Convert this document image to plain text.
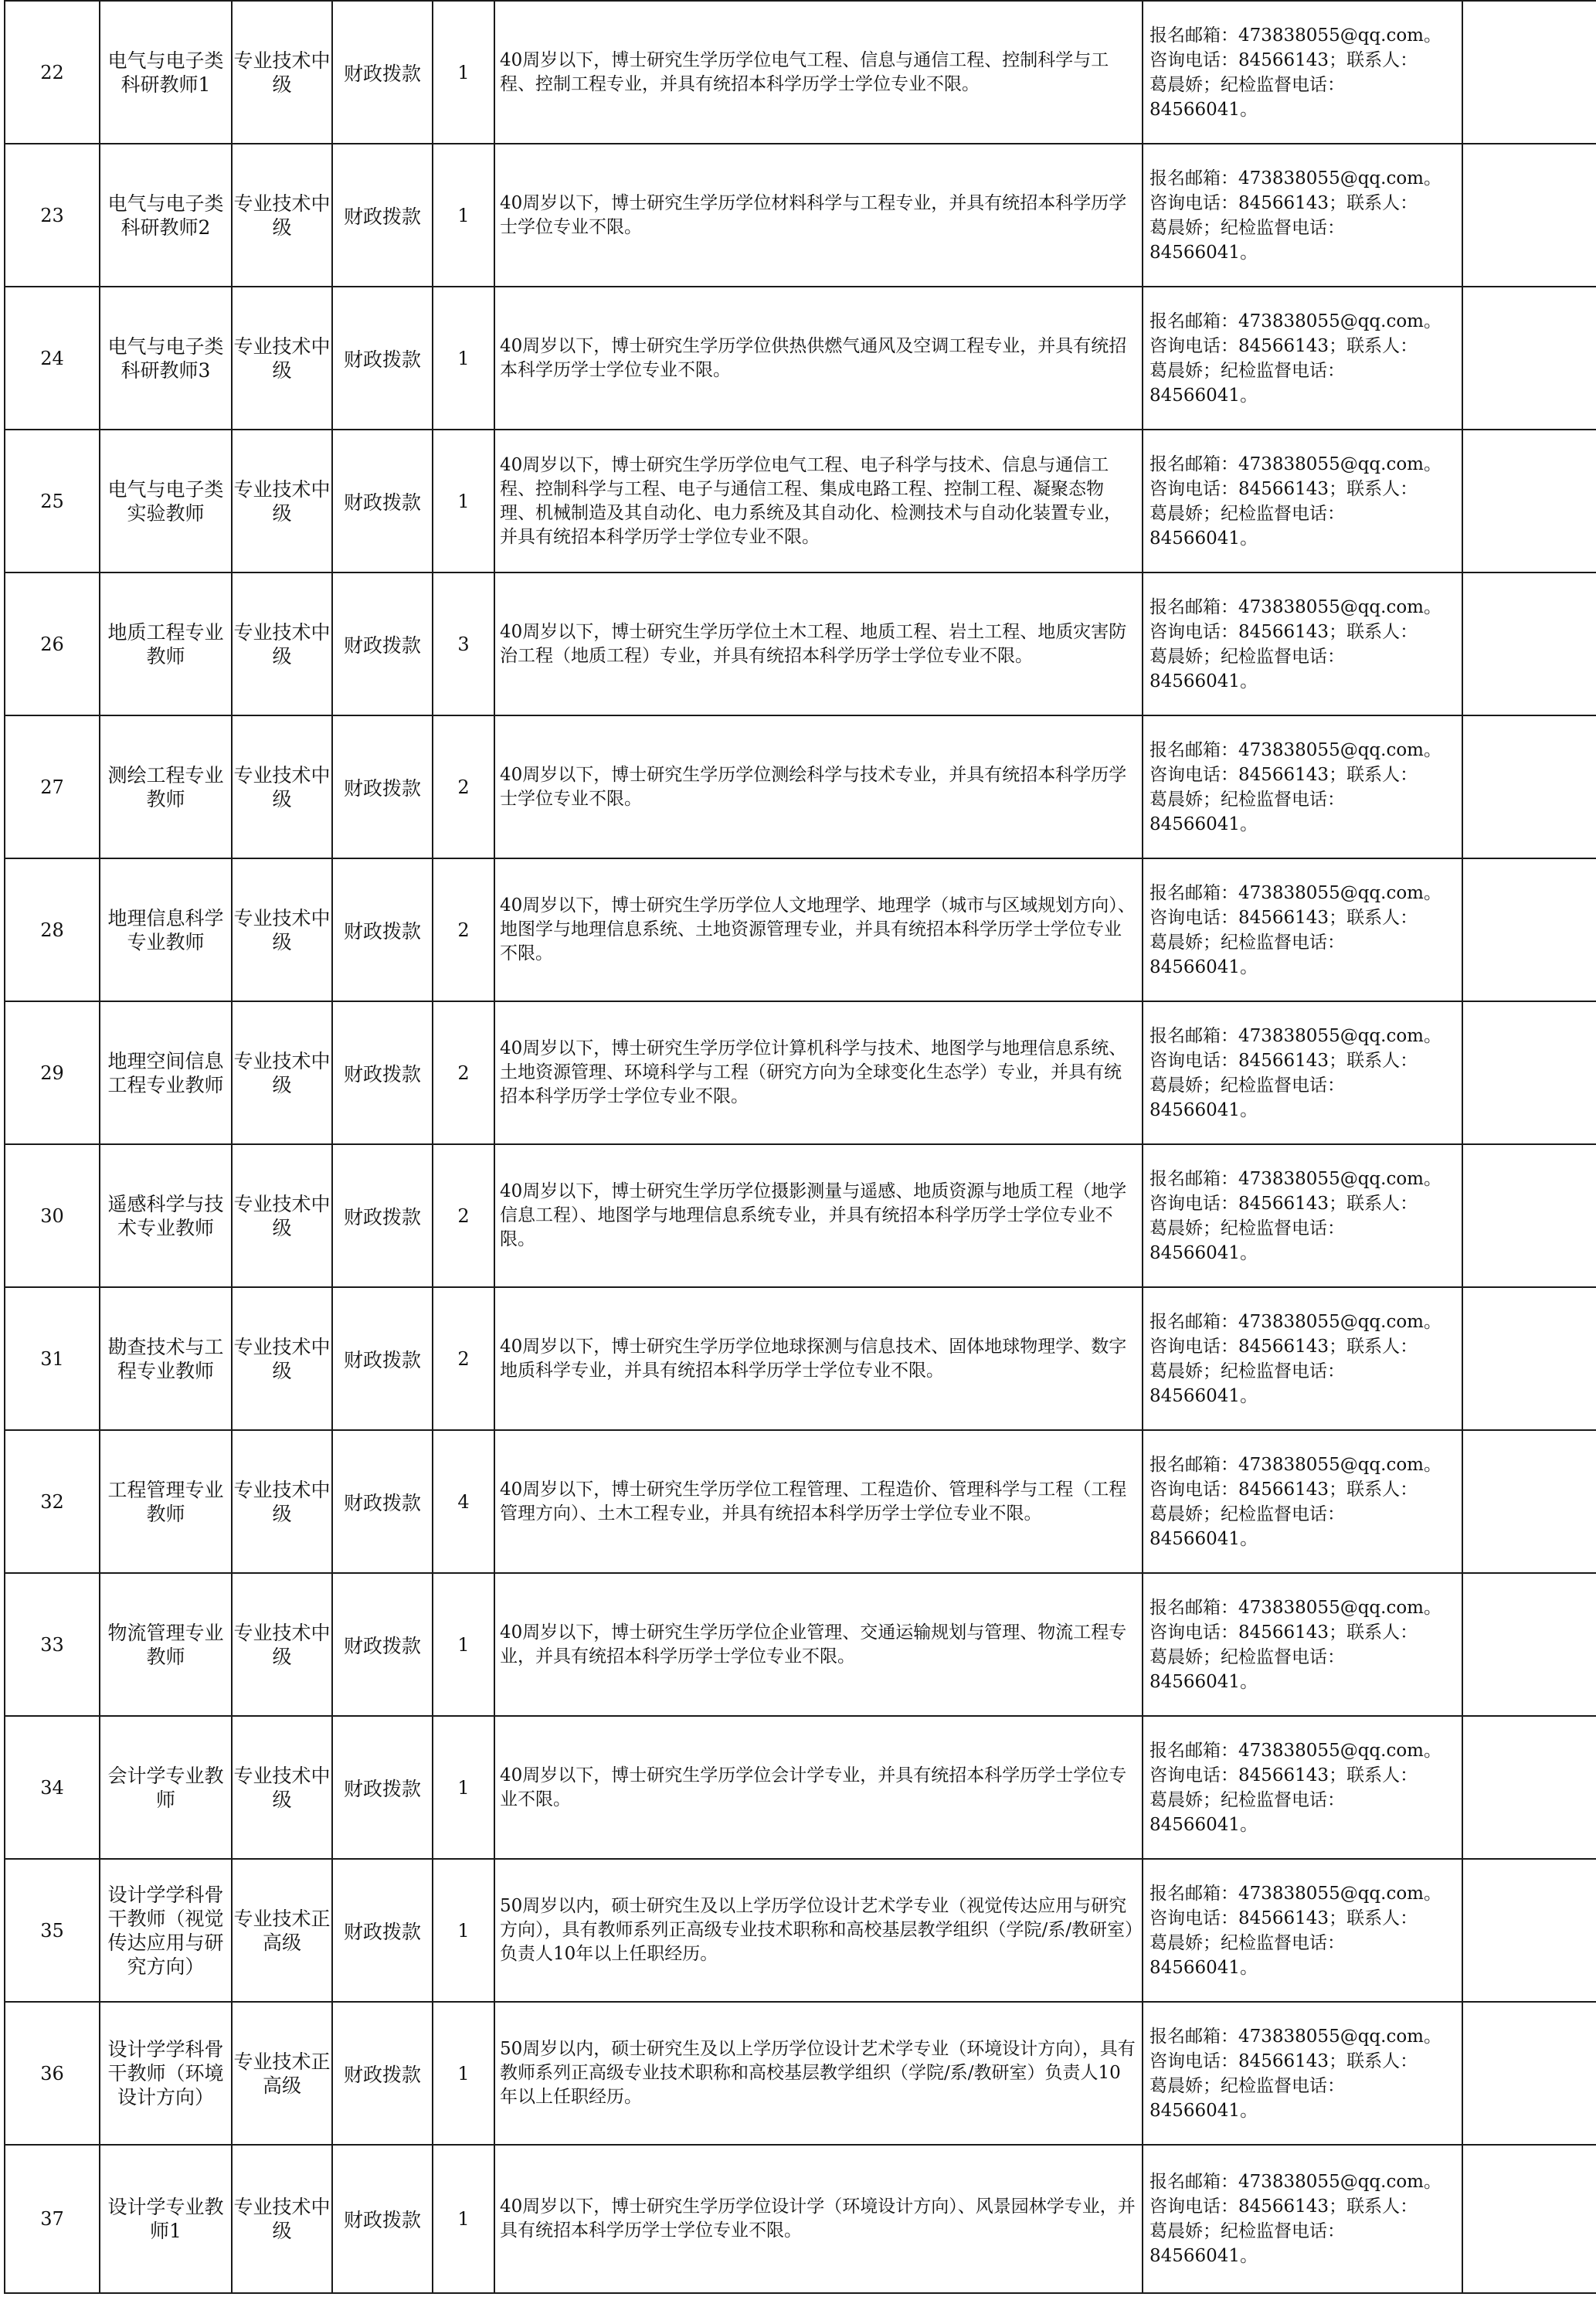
22	电气与电子类科研教师1	专业技术中级	财政拨款	1	40周岁以下，博士研究生学历学位电气工程、信息与通信工程、控制科学与工程、控制工程专业，并具有统招本科学历学士学位专业不限。	报名邮箱：473838055@qq.com。
咨询电话：84566143；联系人：
葛晨娇；纪检监督电话：
84566041。	

23	电气与电子类科研教师2	专业技术中级	财政拨款	1	40周岁以下，博士研究生学历学位材料科学与工程专业，并具有统招本科学历学士学位专业不限。	报名邮箱：473838055@qq.com。
咨询电话：84566143；联系人：
葛晨娇；纪检监督电话：
84566041。	

24	电气与电子类科研教师3	专业技术中级	财政拨款	1	40周岁以下，博士研究生学历学位供热供燃气通风及空调工程专业，并具有统招本科学历学士学位专业不限。	报名邮箱：473838055@qq.com。
咨询电话：84566143；联系人：
葛晨娇；纪检监督电话：
84566041。	

25	电气与电子类实验教师	专业技术中级	财政拨款	1	40周岁以下，博士研究生学历学位电气工程、电子科学与技术、信息与通信工程、控制科学与工程、电子与通信工程、集成电路工程、控制工程、凝聚态物理、机械制造及其自动化、电力系统及其自动化、检测技术与自动化装置专业，并具有统招本科学历学士学位专业不限。	报名邮箱：473838055@qq.com。
咨询电话：84566143；联系人：
葛晨娇；纪检监督电话：
84566041。	

26	地质工程专业教师	专业技术中级	财政拨款	3	40周岁以下，博士研究生学历学位土木工程、地质工程、岩土工程、地质灾害防治工程（地质工程）专业，并具有统招本科学历学士学位专业不限。	报名邮箱：473838055@qq.com。
咨询电话：84566143；联系人：
葛晨娇；纪检监督电话：
84566041。	

27	测绘工程专业教师	专业技术中级	财政拨款	2	40周岁以下，博士研究生学历学位测绘科学与技术专业，并具有统招本科学历学士学位专业不限。	报名邮箱：473838055@qq.com。
咨询电话：84566143；联系人：
葛晨娇；纪检监督电话：
84566041。	

28	地理信息科学专业教师	专业技术中级	财政拨款	2	40周岁以下，博士研究生学历学位人文地理学、地理学（城市与区域规划方向）、地图学与地理信息系统、土地资源管理专业，并具有统招本科学历学士学位专业不限。	报名邮箱：473838055@qq.com。
咨询电话：84566143；联系人：
葛晨娇；纪检监督电话：
84566041。	

29	地理空间信息工程专业教师	专业技术中级	财政拨款	2	40周岁以下，博士研究生学历学位计算机科学与技术、地图学与地理信息系统、土地资源管理、环境科学与工程（研究方向为全球变化生态学）专业，并具有统招本科学历学士学位专业不限。	报名邮箱：473838055@qq.com。
咨询电话：84566143；联系人：
葛晨娇；纪检监督电话：
84566041。	

30	遥感科学与技术专业教师	专业技术中级	财政拨款	2	40周岁以下，博士研究生学历学位摄影测量与遥感、地质资源与地质工程（地学信息工程）、地图学与地理信息系统专业，并具有统招本科学历学士学位专业不限。	报名邮箱：473838055@qq.com。
咨询电话：84566143；联系人：
葛晨娇；纪检监督电话：
84566041。	

31	勘查技术与工程专业教师	专业技术中级	财政拨款	2	40周岁以下，博士研究生学历学位地球探测与信息技术、固体地球物理学、数字地质科学专业，并具有统招本科学历学士学位专业不限。	报名邮箱：473838055@qq.com。
咨询电话：84566143；联系人：
葛晨娇；纪检监督电话：
84566041。	

32	工程管理专业教师	专业技术中级	财政拨款	4	40周岁以下，博士研究生学历学位工程管理、工程造价、管理科学与工程（工程管理方向）、土木工程专业，并具有统招本科学历学士学位专业不限。	报名邮箱：473838055@qq.com。
咨询电话：84566143；联系人：
葛晨娇；纪检监督电话：
84566041。	

33	物流管理专业教师	专业技术中级	财政拨款	1	40周岁以下，博士研究生学历学位企业管理、交通运输规划与管理、物流工程专业，并具有统招本科学历学士学位专业不限。	报名邮箱：473838055@qq.com。
咨询电话：84566143；联系人：
葛晨娇；纪检监督电话：
84566041。	

34	会计学专业教师	专业技术中级	财政拨款	1	40周岁以下，博士研究生学历学位会计学专业，并具有统招本科学历学士学位专业不限。	报名邮箱：473838055@qq.com。
咨询电话：84566143；联系人：
葛晨娇；纪检监督电话：
84566041。	

35	设计学学科骨干教师（视觉传达应用与研究方向）	专业技术正高级	财政拨款	1	50周岁以内，硕士研究生及以上学历学位设计艺术学专业（视觉传达应用与研究方向），具有教师系列正高级专业技术职称和高校基层教学组织（学院/系/教研室）负责人10年以上任职经历。	报名邮箱：473838055@qq.com。
咨询电话：84566143；联系人：
葛晨娇；纪检监督电话：
84566041。	

36	设计学学科骨干教师（环境设计方向）	专业技术正高级	财政拨款	1	50周岁以内，硕士研究生及以上学历学位设计艺术学专业（环境设计方向），具有教师系列正高级专业技术职称和高校基层教学组织（学院/系/教研室）负责人10年以上任职经历。	报名邮箱：473838055@qq.com。
咨询电话：84566143；联系人：
葛晨娇；纪检监督电话：
84566041。	

37	设计学专业教师1	专业技术中级	财政拨款	1	40周岁以下，博士研究生学历学位设计学（环境设计方向）、风景园林学专业，并具有统招本科学历学士学位专业不限。	报名邮箱：473838055@qq.com。
咨询电话：84566143；联系人：
葛晨娇；纪检监督电话：
84566041。	
